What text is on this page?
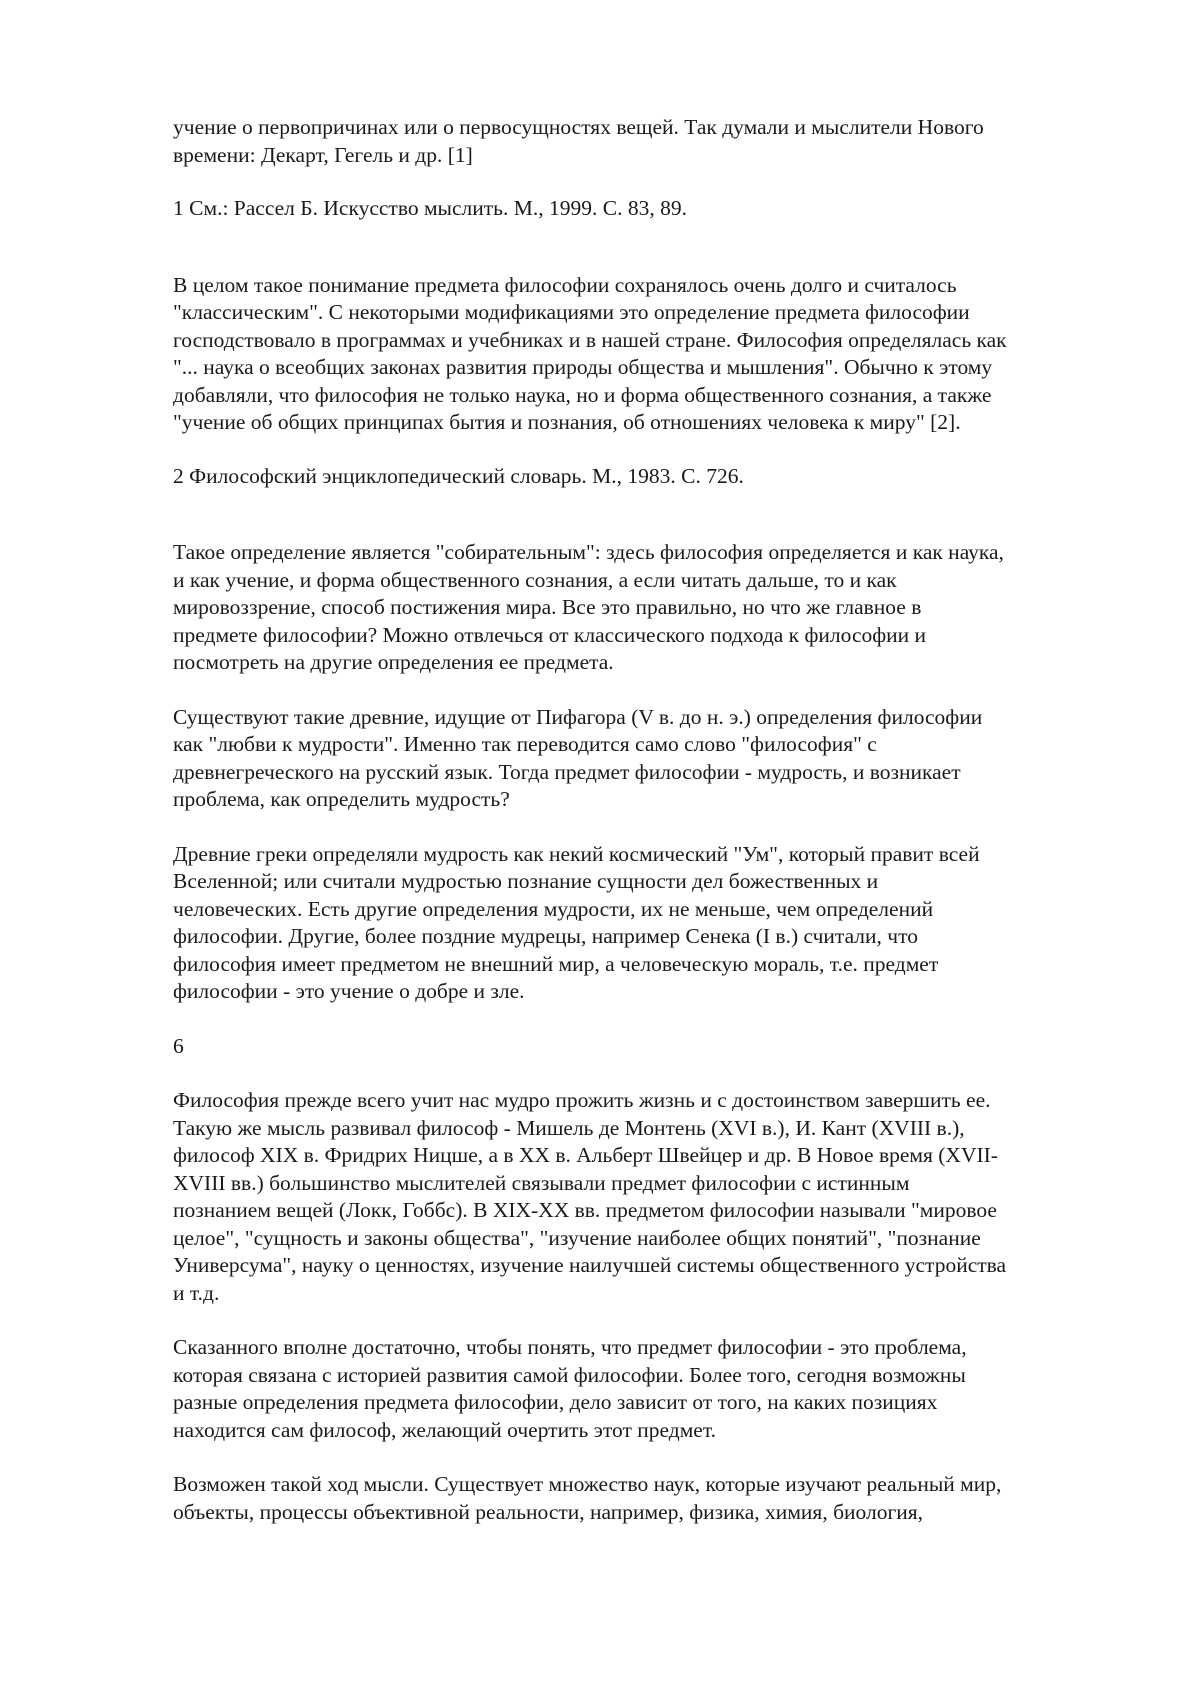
учение о первопричинах или о первосущностях вещей. Так думали и мыслители Нового
времени: Декарт, Гегель и др. [1]
1 См.: Рассел Б. Искусство мыслить. М., 1999. С. 83, 89.
В целом такое понимание предмета философии сохранялось очень долго и считалось
"классическим". С некоторыми модификациями это определение предмета философии
господствовало в программах и учебниках и в нашей стране. Философия определялась как
"... наука о всеобщих законах развития природы общества и мышления". Обычно к этому
добавляли, что философия не только наука, но и форма общественного сознания, а также
"учение об общих принципах бытия и познания, об отношениях человека к миру" [2].
2 Философский энциклопедический словарь. М., 1983. С. 726.
Такое определение является "собирательным": здесь философия определяется и как наука,
и как учение, и форма общественного сознания, а если читать дальше, то и как
мировоззрение, способ постижения мира. Все это правильно, но что же главное в
предмете философии? Можно отвлечься от классического подхода к философии и
посмотреть на другие определения ее предмета.
Существуют такие древние, идущие от Пифагора (V в. до н. э.) определения философии
как "любви к мудрости". Именно так переводится само слово "философия" с
древнегреческого на русский язык. Тогда предмет философии - мудрость, и возникает
проблема, как определить мудрость?
Древние греки определяли мудрость как некий космический "Ум", который правит всей
Вселенной; или считали мудростью познание сущности дел божественных и
человеческих. Есть другие определения мудрости, их не меньше, чем определений
философии. Другие, более поздние мудрецы, например Сенека (I в.) считали, что
философия имеет предметом не внешний мир, а человеческую мораль, т.е. предмет
философии - это учение о добре и зле.
6
Философия прежде всего учит нас мудро прожить жизнь и с достоинством завершить ее.
Такую же мысль развивал философ - Мишель де Монтень (XVI в.), И. Кант (XVIII в.),
философ XIX в. Фридрих Ницше, а в XX в. Альберт Швейцер и др. В Новое время (XVII-
XVIII вв.) большинство мыслителей связывали предмет философии с истинным
познанием вещей (Локк, Гоббс). В XIX-XX вв. предметом философии называли "мировое
целое", "сущность и законы общества", "изучение наиболее общих понятий", "познание
Универсума", науку о ценностях, изучение наилучшей системы общественного устройства
и т.д.
Сказанного вполне достаточно, чтобы понять, что предмет философии - это проблема,
которая связана с историей развития самой философии. Более того, сегодня возможны
разные определения предмета философии, дело зависит от того, на каких позициях
находится сам философ, желающий очертить этот предмет.
Возможен такой ход мысли. Существует множество наук, которые изучают реальный мир,
объекты, процессы объективной реальности, например, физика, химия, биология,
